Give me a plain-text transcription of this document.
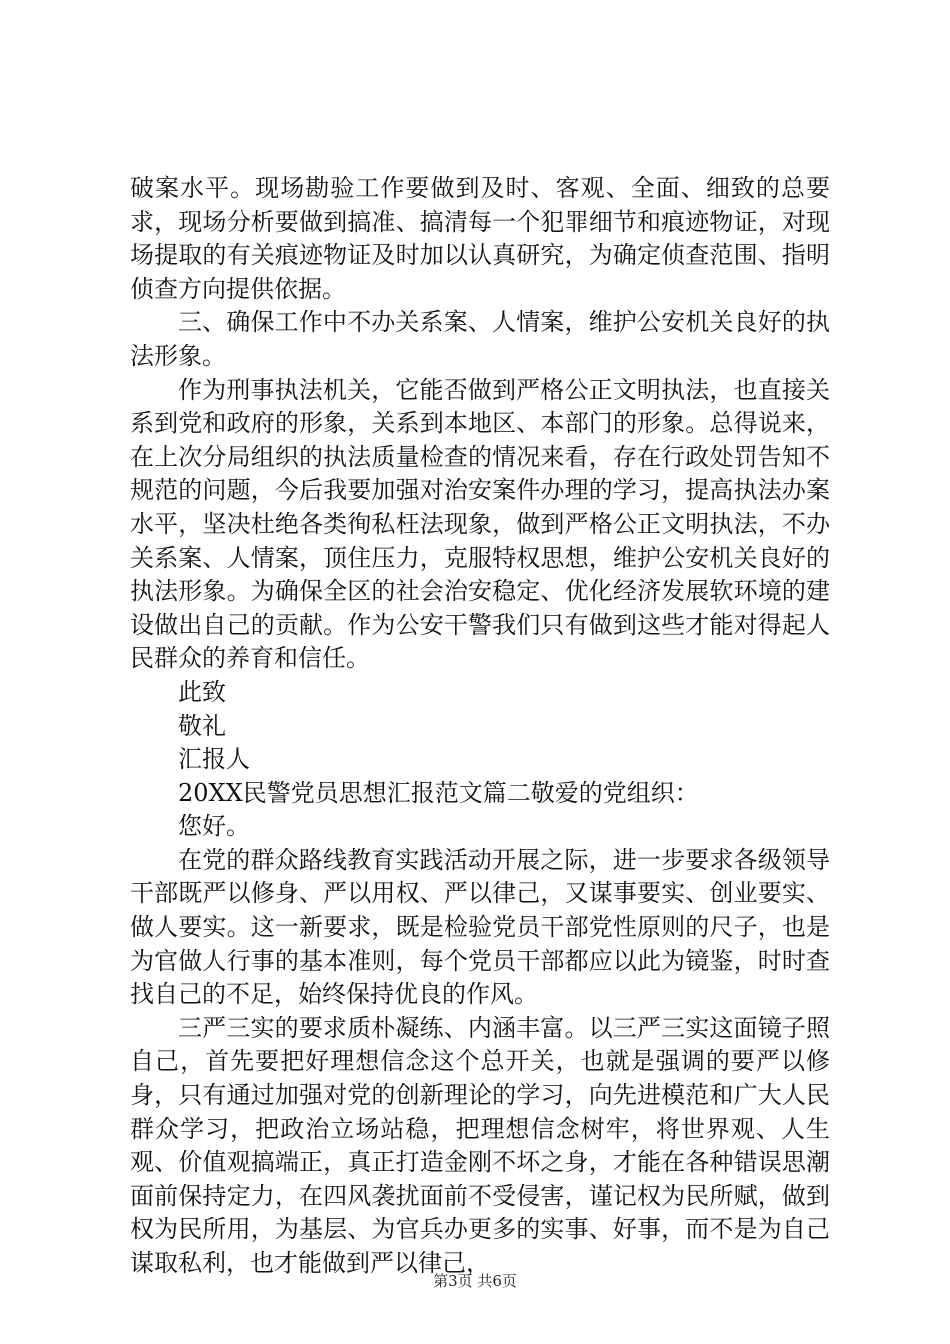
破案水平。现场勘验工作要做到及时、客观、全面、细致的总要求，现场分析要做到搞准、搞清每一个犯罪细节和痕迹物证，对现场提取的有关痕迹物证及时加以认真研究，为确定侦查范围、指明侦查方向提供依据。

三、确保工作中不办关系案、人情案，维护公安机关良好的执法形象。

作为刑事执法机关，它能否做到严格公正文明执法，也直接关系到党和政府的形象，关系到本地区、本部门的形象。总得说来，在上次分局组织的执法质量检查的情况来看，存在行政处罚告知不规范的问题，今后我要加强对治安案件办理的学习，提高执法办案水平，坚决杜绝各类徇私枉法现象，做到严格公正文明执法，不办关系案、人情案，顶住压力，克服特权思想，维护公安机关良好的执法形象。为确保全区的社会治安稳定、优化经济发展软环境的建设做出自己的贡献。作为公安干警我们只有做到这些才能对得起人民群众的养育和信任。

此致

敬礼

汇报人

20XX民警党员思想汇报范文篇二敬爱的党组织：

您好。

在党的群众路线教育实践活动开展之际，进一步要求各级领导干部既严以修身、严以用权、严以律己，又谋事要实、创业要实、做人要实。这一新要求，既是检验党员干部党性原则的尺子，也是为官做人行事的基本准则，每个党员干部都应以此为镜鉴，时时查找自己的不足，始终保持优良的作风。

三严三实的要求质朴凝练、内涵丰富。以三严三实这面镜子照自己，首先要把好理想信念这个总开关，也就是强调的要严以修身，只有通过加强对党的创新理论的学习，向先进模范和广大人民群众学习，把政治立场站稳，把理想信念树牢，将世界观、人生观、价值观搞端正，真正打造金刚不坏之身，才能在各种错误思潮面前保持定力，在四风袭扰面前不受侵害，谨记权为民所赋，做到权为民所用，为基层、为官兵办更多的实事、好事，而不是为自己谋取私利，也才能做到严以律己，

第3页 共6页
